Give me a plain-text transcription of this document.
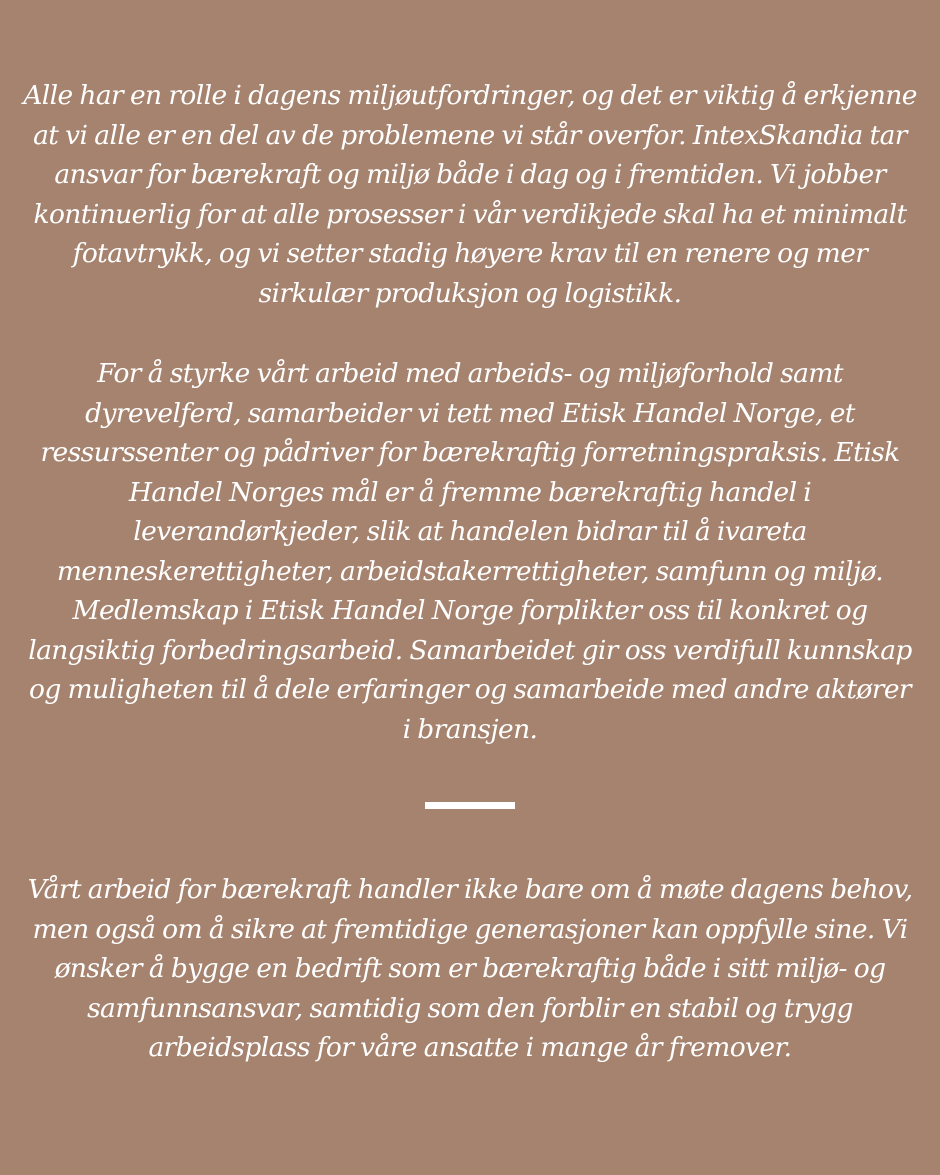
Alle har en rolle i dagens miljøutfordringer, og det er viktig å erkjenne at vi alle er en del av de problemene vi står overfor. IntexSkandia tar ansvar for bærekraft og miljø både i dag og i fremtiden. Vi jobber kontinuerlig for at alle prosesser i vår verdikjede skal ha et minimalt fotavtrykk, og vi setter stadig høyere krav til en renere og mer sirkulær produksjon og logistikk.

For å styrke vårt arbeid med arbeids- og miljøforhold samt dyrevelferd, samarbeider vi tett med Etisk Handel Norge, et ressurssenter og pådriver for bærekraftig forretningspraksis. Etisk Handel Norges mål er å fremme bærekraftig handel i leverandørkjeder, slik at handelen bidrar til å ivareta menneskerettigheter, arbeidstakerrettigheter, samfunn og miljø. Medlemskap i Etisk Handel Norge forplikter oss til konkret og langsiktig forbedringsarbeid. Samarbeidet gir oss verdifull kunnskap og muligheten til å dele erfaringer og samarbeide med andre aktører i bransjen.

Vårt arbeid for bærekraft handler ikke bare om å møte dagens behov, men også om å sikre at fremtidige generasjoner kan oppfylle sine. Vi ønsker å bygge en bedrift som er bærekraftig både i sitt miljø- og samfunnsansvar, samtidig som den forblir en stabil og trygg arbeidsplass for våre ansatte i mange år fremover.
